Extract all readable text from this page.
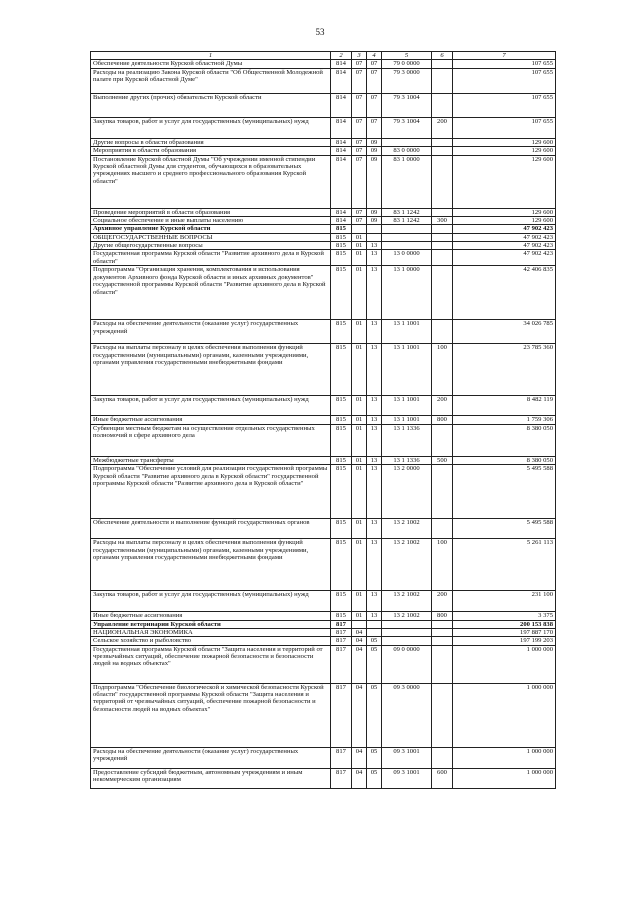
53
1	2	3	4	5	6	7
Обеспечение деятельности Курской областной Думы	814	07	07	79 0 0000		107 655
Расходы на реализацию Закона Курской области "Об Общественной Молодежной палате при Курской областной Думе"	814	07	07	79 3 0000		107 655
Выполнение других (прочих) обязательств Курской области	814	07	07	79 3 1004		107 655
Закупка товаров, работ и услуг для государственных (муниципальных) нужд	814	07	07	79 3 1004	200	107 655
Другие вопросы в области образования	814	07	09			129 600
Мероприятия в области образования	814	07	09	83 0 0000		129 600
Постановление Курской областной Думы "Об учреждении именной стипендии Курской областной Думы для студентов, обучающихся в образовательных учреждениях высшего и среднего профессионального образования Курской области"	814	07	09	83 1 0000		129 600
Проведение мероприятий в области образования	814	07	09	83 1 1242		129 600
Социальное обеспечение и иные выплаты населению	814	07	09	83 1 1242	300	129 600
Архивное управление Курской области	815					47 902 423
ОБЩЕГОСУДАРСТВЕННЫЕ ВОПРОСЫ	815	01				47 902 423
Другие общегосударственные вопросы	815	01	13			47 902 423
Государственная программа Курской области "Развитие архивного дела в Курской области"	815	01	13	13 0 0000		47 902 423
Подпрограмма "Организация хранения, комплектования и использования документов Архивного фонда Курской области и иных архивных документов" государственной программы Курской области "Развитие архивного дела в Курской области"	815	01	13	13 1 0000		42 406 835
Расходы на обеспечение деятельности (оказание услуг) государственных учреждений	815	01	13	13 1 1001		34 026 785
Расходы на выплаты персоналу в целях обеспечения выполнения функций государственными (муниципальными) органами, казенными учреждениями, органами управления государственными внебюджетными фондами	815	01	13	13 1 1001	100	23 785 360
Закупка товаров, работ и услуг для государственных (муниципальных) нужд	815	01	13	13 1 1001	200	8 482 119
Иные бюджетные ассигнования	815	01	13	13 1 1001	800	1 759 306
Субвенции местным бюджетам на осуществление отдельных государственных полномочий в сфере архивного дела	815	01	13	13 1 1336		8 380 050
Межбюджетные трансферты	815	01	13	13 1 1336	500	8 380 050
Подпрограмма "Обеспечение условий для реализации государственной программы Курской области "Развитие архивного дела в Курской области" государственной программы Курской области "Развитие архивного дела в Курской области"	815	01	13	13 2 0000		5 495 588
Обеспечение деятельности и выполнение функций государственных органов	815	01	13	13 2 1002		5 495 588
Расходы на выплаты персоналу в целях обеспечения выполнения функций государственными (муниципальными) органами, казенными учреждениями, органами управления государственными внебюджетными фондами	815	01	13	13 2 1002	100	5 261 113
Закупка товаров, работ и услуг для государственных (муниципальных) нужд	815	01	13	13 2 1002	200	231 100
Иные бюджетные ассигнования	815	01	13	13 2 1002	800	3 375
Управление ветеринарии Курской области	817					200 153 838
НАЦИОНАЛЬНАЯ ЭКОНОМИКА	817	04				197 887 170
Сельское хозяйство и рыболовство	817	04	05			197 199 203
Государственная программа Курской области "Защита населения и территорий от чрезвычайных ситуаций, обеспечение пожарной безопасности и безопасности людей на водных объектах"	817	04	05	09 0 0000		1 000 000
Подпрограмма "Обеспечение биологической и химической безопасности Курской области" государственной программы Курской области "Защита населения и территорий от чрезвычайных ситуаций, обеспечение пожарной безопасности и безопасности людей на водных объектах"	817	04	05	09 3 0000		1 000 000
Расходы на обеспечение деятельности (оказание услуг) государственных учреждений	817	04	05	09 3 1001		1 000 000
Предоставление субсидий бюджетным, автономным учреждениям и иным некоммерческим организациям	817	04	05	09 3 1001	600	1 000 000
